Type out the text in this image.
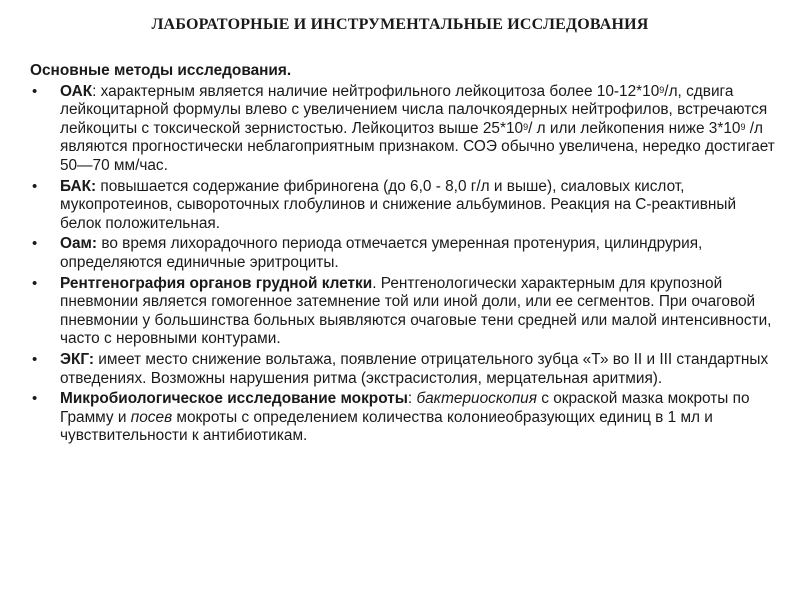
ЛАБОРАТОРНЫЕ И ИНСТРУМЕНТАЛЬНЫЕ ИССЛЕДОВАНИЯ
Основные методы исследования.
• ОАК: характерным является наличие нейтрофильного лейкоцитоза более $10-12*10^9/л$, сдвига лейкоцитарной формулы влево с увеличением числа палочкоядерных нейтрофилов, встречаются лейкоциты с токсической зернистостью. Лейкоцитоз выше $25*10^9/$ л или лейкопения ниже $3*10^9$ /л являются прогностически неблагоприятным признаком. СОЭ обычно увеличена, нередко достигает 50—70 мм/час.
• БАК: повышается содержание фибриногена (до 6,0 - 8,0 г/л и выше), сиаловых кислот, мукопротеинов, сывороточных глобулинов и снижение альбуминов. Реакция на С-реактивный белок положительная.
• Оам: во время лихорадочного периода отмечается умеренная протенурия, цилиндрурия, определяются единичные эритроциты.
• Рентгенография органов грудной клетки. Рентгенологически характерным для крупозной пневмонии является гомогенное затемнение той или иной доли, или ее сегментов. При очаговой пневмонии у большинства больных выявляются очаговые тени средней или малой интенсивности, часто с неровными контурами.
• ЭКГ: имеет место снижение вольтажа, появление отрицательного зубца «Т» во II и III стандартных отведениях. Возможны нарушения ритма (экстрасистолия, мерцательная аритмия).
• Микробиологическое исследование мокроты: бактериоскопия с окраской мазка мокроты по Грамму и посев мокроты с определением количества колониеобразующих единиц в 1 мл и чувствительности к антибиотикам.
